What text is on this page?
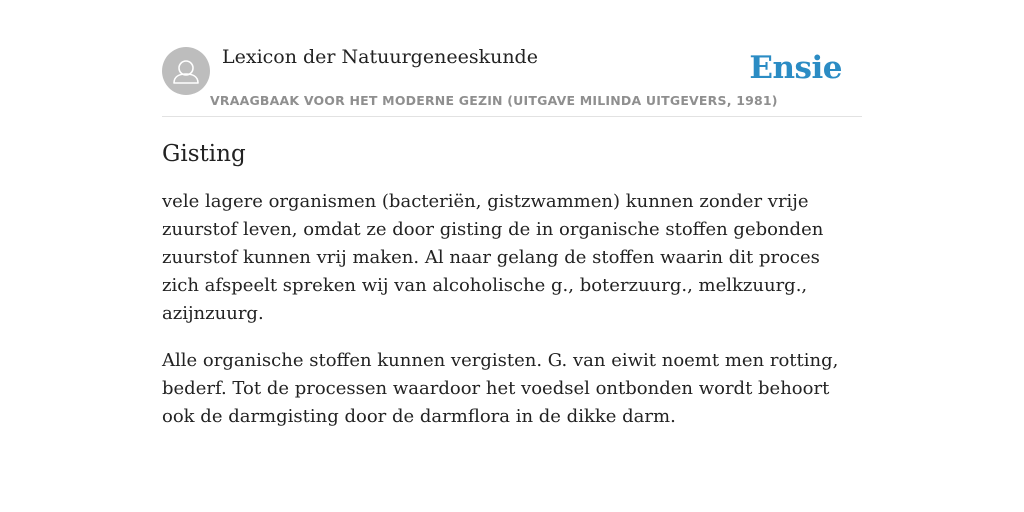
Lexicon der Natuurgeneeskunde
VRAAGBAAK VOOR HET MODERNE GEZIN (UITGAVE MILINDA UITGEVERS, 1981)
Ensie
Gisting

vele lagere organismen (bacteriën, gistzwammen) kunnen zonder vrije zuurstof leven, omdat ze door gisting de in organische stoffen gebonden zuurstof kunnen vrij maken. Al naar gelang de stoffen waarin dit proces zich afspeelt spreken wij van alcoholische g., boterzuurg., melkzuurg., azijnzuurg.

Alle organische stoffen kunnen vergisten. G. van eiwit noemt men rotting, bederf. Tot de processen waardoor het voedsel ontbonden wordt behoort ook de darmgisting door de darmflora in de dikke darm.
